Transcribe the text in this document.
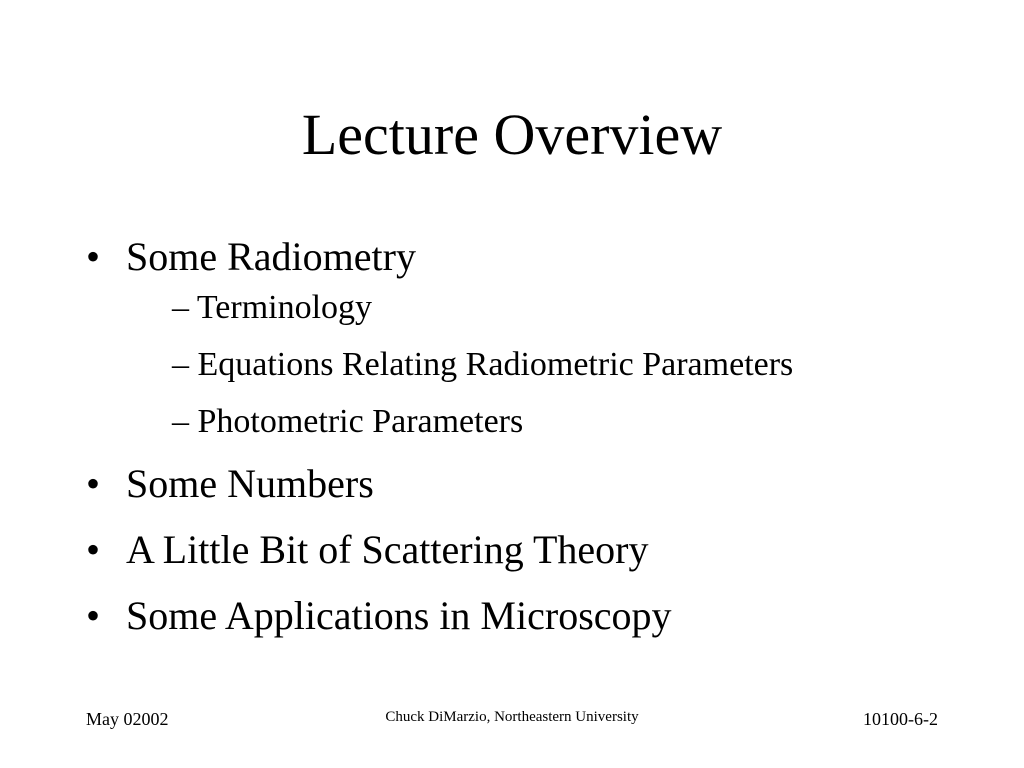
Lecture Overview
• Some Radiometry
– Terminology
– Equations Relating Radiometric Parameters
– Photometric Parameters
• Some Numbers
• A Little Bit of Scattering Theory
• Some Applications in Microscopy
May 02002	Chuck DiMarzio, Northeastern University	10100-6-2
